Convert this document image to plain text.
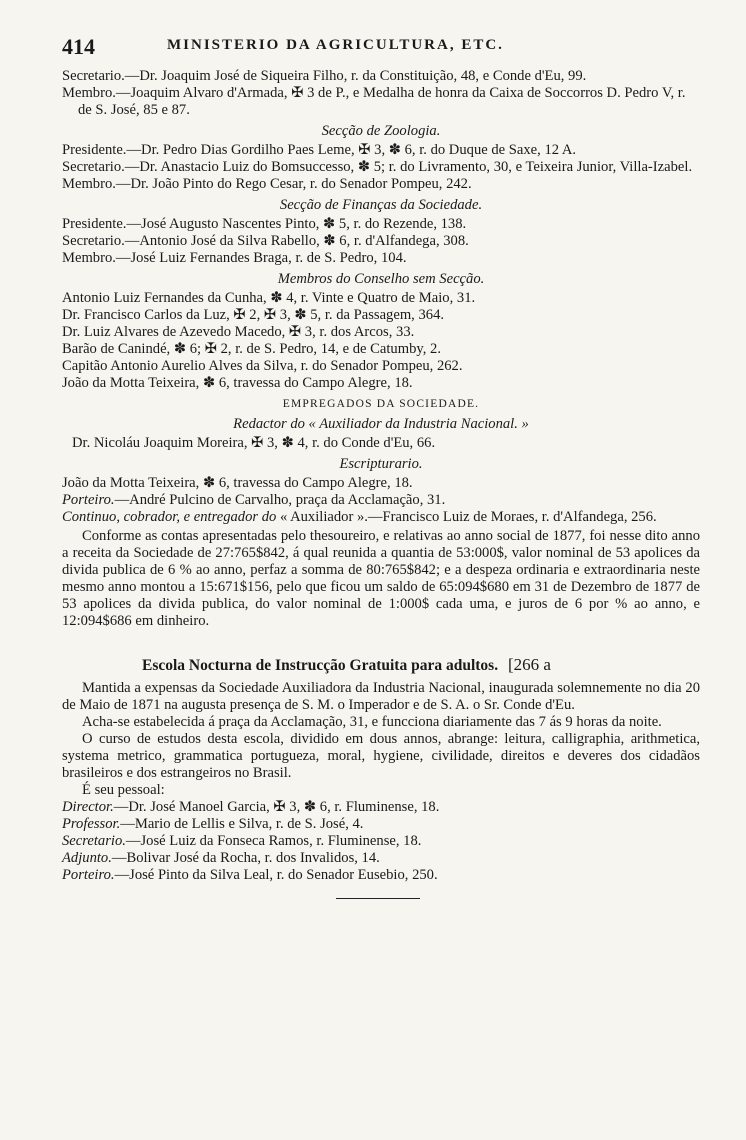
414	MINISTERIO DA AGRICULTURA, ETC.

Secretario.—Dr. Joaquim José de Siqueira Filho, r. da Constituição, 48, e Conde d'Eu, 99.

Membro.—Joaquim Alvaro d'Armada, ✠ 3 de P., e Medalha de honra da Caixa de Soccorros D. Pedro V, r. de S. José, 85 e 87.

Secção de Zoologia.

Presidente.—Dr. Pedro Dias Gordilho Paes Leme, ✠ 3, ✽ 6, r. do Duque de Saxe, 12 A.

Secretario.—Dr. Anastacio Luiz do Bomsuccesso, ✽ 5; r. do Livramento, 30, e Teixeira Junior, Villa-Izabel.

Membro.—Dr. João Pinto do Rego Cesar, r. do Senador Pompeu, 242.

Secção de Finanças da Sociedade.

Presidente.—José Augusto Nascentes Pinto, ✽ 5, r. do Rezende, 138.

Secretario.—Antonio José da Silva Rabello, ✽ 6, r. d'Alfandega, 308.

Membro.—José Luiz Fernandes Braga, r. de S. Pedro, 104.

Membros do Conselho sem Secção.

Antonio Luiz Fernandes da Cunha, ✽ 4, r. Vinte e Quatro de Maio, 31.

Dr. Francisco Carlos da Luz, ✠ 2, ✠ 3, ✽ 5, r. da Passagem, 364.

Dr. Luiz Alvares de Azevedo Macedo, ✠ 3, r. dos Arcos, 33.

Barão de Canindé, ✽ 6; ✠ 2, r. de S. Pedro, 14, e de Catumby, 2.

Capitão Antonio Aurelio Alves da Silva, r. do Senador Pompeu, 262.

João da Motta Teixeira, ✽ 6, travessa do Campo Alegre, 18.

EMPREGADOS DA SOCIEDADE.

Redactor do « Auxiliador da Industria Nacional. »

Dr. Nicoláu Joaquim Moreira, ✠ 3, ✽ 4, r. do Conde d'Eu, 66.

Escripturario.

João da Motta Teixeira, ✽ 6, travessa do Campo Alegre, 18.

Porteiro.—André Pulcino de Carvalho, praça da Acclamação, 31.

Continuo, cobrador, e entregador do « Auxiliador ».—Francisco Luiz de Moraes, r. d'Alfandega, 256.

Conforme as contas apresentadas pelo thesoureiro, e relativas ao anno social de 1877, foi nesse dito anno a receita da Sociedade de 27:765$842, á qual reunida a quantia de 53:000$, valor nominal de 53 apolices da divida publica de 6 % ao anno, perfaz a somma de 80:765$842; e a despeza ordinaria e extraordinaria neste mesmo anno montou a 15:671$156, pelo que ficou um saldo de 65:094$680 em 31 de Dezembro de 1877 de 53 apolices da divida publica, do valor nominal de 1:000$ cada uma, e juros de 6 por % ao anno, e 12:094$686 em dinheiro.

Escola Nocturna de Instrucção Gratuita para adultos. [266 a

Mantida a expensas da Sociedade Auxiliadora da Industria Nacional, inaugurada solemnemente no dia 20 de Maio de 1871 na augusta presença de S. M. o Imperador e de S. A. o Sr. Conde d'Eu.

Acha-se estabelecida á praça da Acclamação, 31, e funcciona diariamente das 7 ás 9 horas da noite.

O curso de estudos desta escola, dividido em dous annos, abrange: leitura, calligraphia, arithmetica, systema metrico, grammatica portugueza, moral, hygiene, civilidade, direitos e deveres dos cidadãos brasileiros e dos estrangeiros no Brasil.

É seu pessoal:

Director.—Dr. José Manoel Garcia, ✠ 3, ✽ 6, r. Fluminense, 18.

Professor.—Mario de Lellis e Silva, r. de S. José, 4.

Secretario.—José Luiz da Fonseca Ramos, r. Fluminense, 18.

Adjunto.—Bolivar José da Rocha, r. dos Invalidos, 14.

Porteiro.—José Pinto da Silva Leal, r. do Senador Eusebio, 250.
